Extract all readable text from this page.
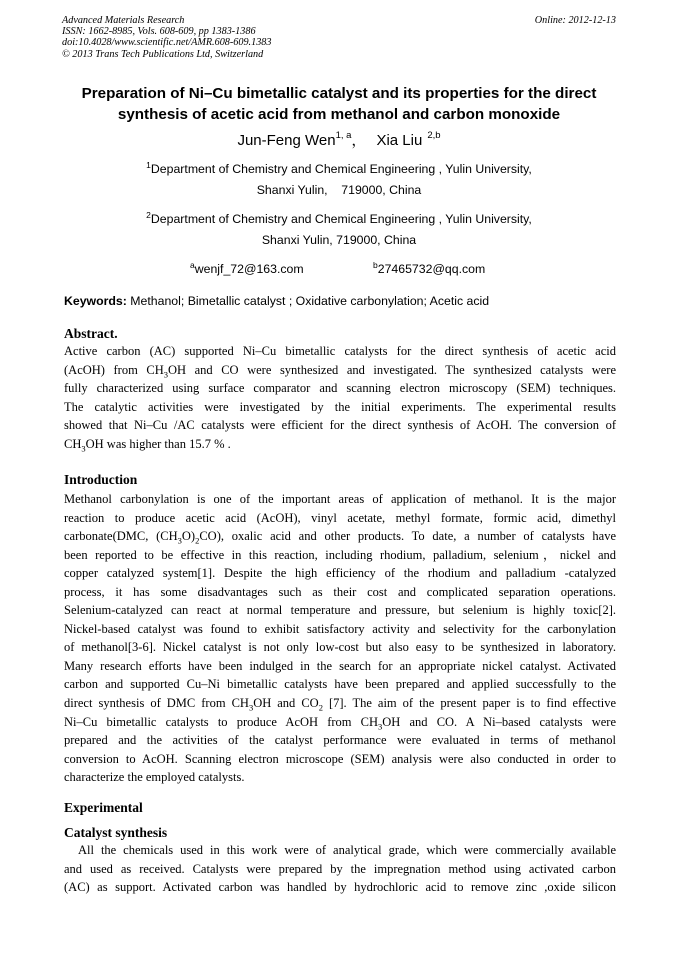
Advanced Materials Research
ISSN: 1662-8985, Vols. 608-609, pp 1383-1386
doi:10.4028/www.scientific.net/AMR.608-609.1383
© 2013 Trans Tech Publications Ltd, Switzerland
Online: 2012-12-13
Preparation of Ni–Cu bimetallic catalyst and its properties for the direct
synthesis of acetic acid from methanol and carbon monoxide
Jun-Feng Wen$^{1, a}$， Xia Liu $^{2,b}$
$^1$Department of Chemistry and Chemical Engineering , Yulin University,
Shanxi Yulin,    719000, China
$^2$Department of Chemistry and Chemical Engineering , Yulin University,
Shanxi Yulin, 719000, China
$^a$wenjf_72@163.com	$^b$27465732@qq.com
Keywords: Methanol; Bimetallic catalyst ; Oxidative carbonylation; Acetic acid
Abstract.
Active carbon (AC) supported Ni–Cu bimetallic catalysts for the direct synthesis of acetic acid
(AcOH) from $CH_3OH$ and CO were synthesized and investigated. The synthesized catalysts were
fully characterized using surface comparator and scanning electron microscopy (SEM) techniques.
The catalytic activities were investigated by the initial experiments. The experimental results
showed that Ni–Cu /AC catalysts were efficient for the direct synthesis of AcOH. The conversion of
$CH_3OH$ was higher than 15.7 % .
Introduction
Methanol carbonylation is one of the important areas of application of methanol. It is the major
reaction to produce acetic acid (AcOH), vinyl acetate, methyl formate, formic acid, dimethyl
carbonate(DMC, $(CH_3O)_2CO$), oxalic acid and other products. To date, a number of catalysts have
been reported to be effective in this reaction, including rhodium, palladium, selenium，nickel and
copper catalyzed system[1]. Despite the high efficiency of the rhodium and palladium -catalyzed
process, it has some disadvantages such as their cost and complicated separation operations.
Selenium-catalyzed can react at normal temperature and pressure, but selenium is highly toxic[2].
Nickel-based catalyst was found to exhibit satisfactory activity and selectivity for the carbonylation
of methanol[3-6]. Nickel catalyst is not only low-cost but also easy to be synthesized in laboratory.
Many research efforts have been indulged in the search for an appropriate nickel catalyst. Activated
carbon and supported Cu–Ni bimetallic catalysts have been prepared and applied successfully to the
direct synthesis of DMC from $CH_3OH$ and $CO_2$ [7]. The aim of the present paper is to find effective
Ni–Cu bimetallic catalysts to produce AcOH from $CH_3OH$ and CO. A Ni–based catalysts were
prepared and the activities of the catalyst performance were evaluated in terms of methanol
conversion to AcOH. Scanning electron microscope (SEM) analysis were also conducted in order to
characterize the employed catalysts.
Experimental
Catalyst synthesis
All the chemicals used in this work were of analytical grade, which were commercially available
and used as received. Catalysts were prepared by the impregnation method using activated carbon
(AC) as support. Activated carbon was handled by hydrochloric acid to remove zinc ,oxide silicon
